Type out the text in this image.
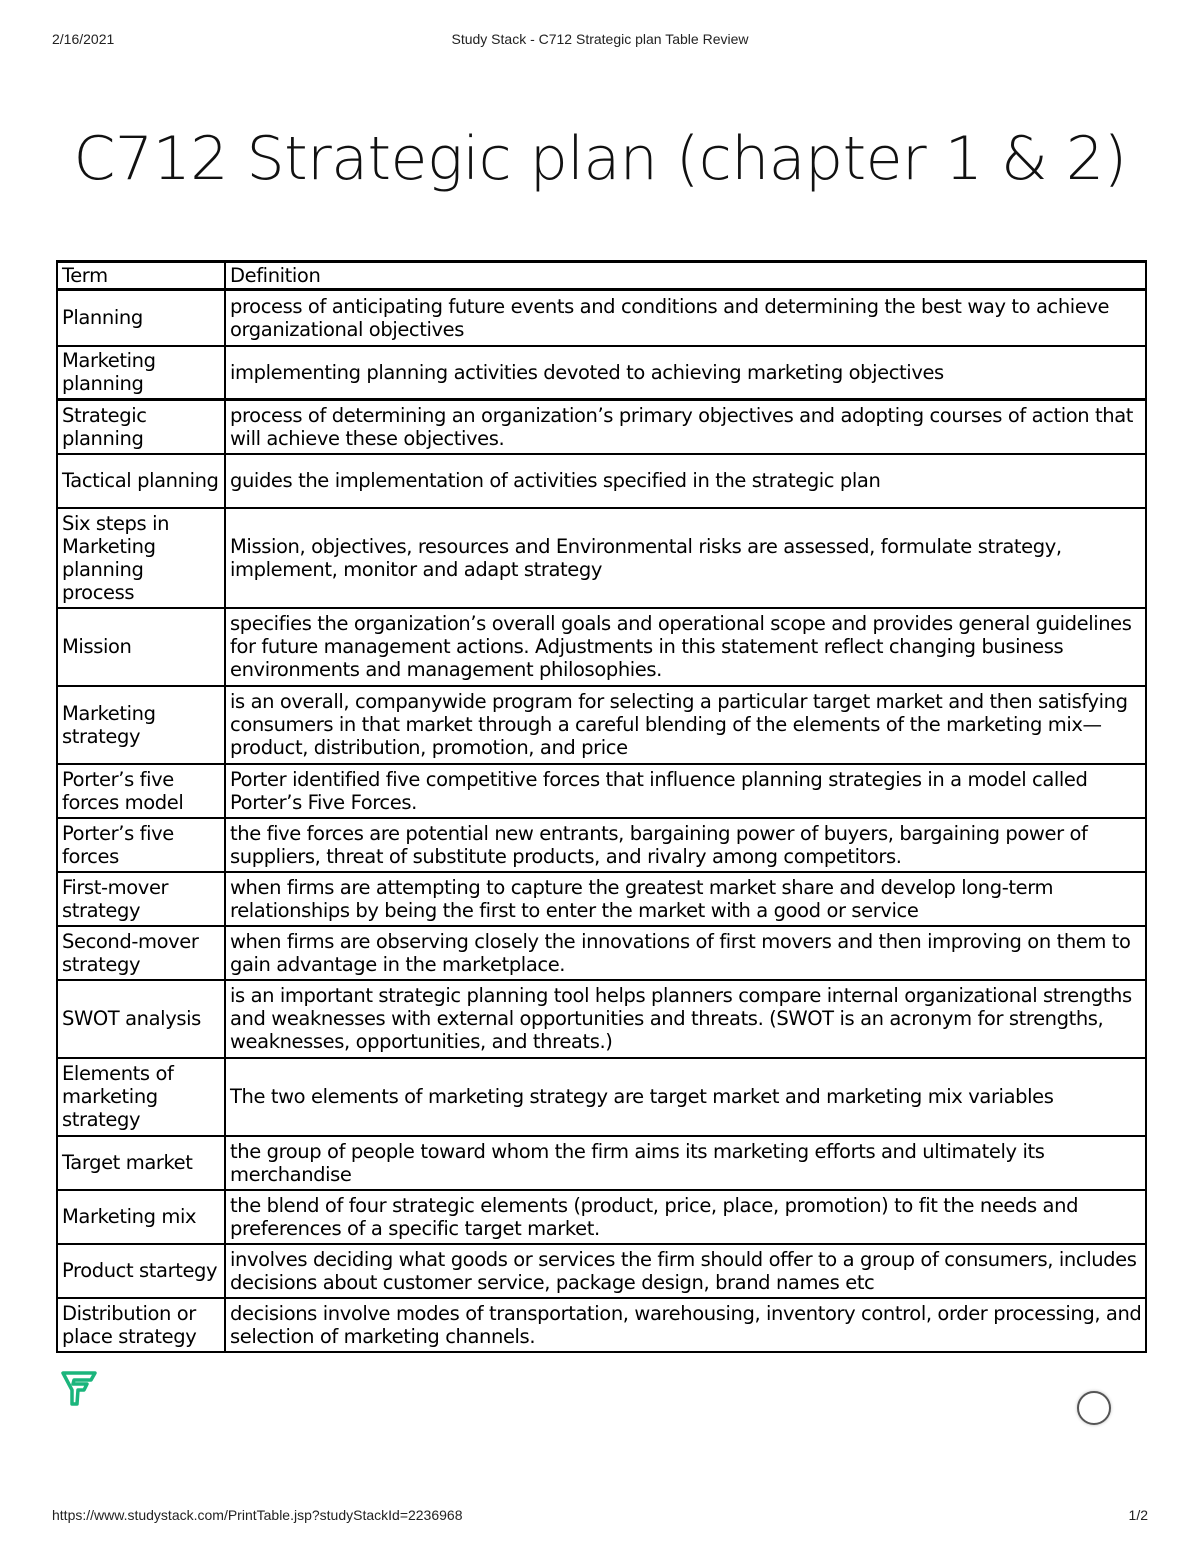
2/16/2021	Study Stack - C712 Strategic plan Table Review
C712 Strategic plan (chapter 1 & 2)
Term	Definition
Planning	process of anticipating future events and conditions and determining the best way to achieve organizational objectives
Marketing planning	implementing planning activities devoted to achieving marketing objectives
Strategic planning	process of determining an organization’s primary objectives and adopting courses of action that will achieve these objectives.
Tactical planning	guides the implementation of activities specified in the strategic plan
Six steps in Marketing planning process	Mission, objectives, resources and Environmental risks are assessed, formulate strategy, implement, monitor and adapt strategy
Mission	specifies the organization’s overall goals and operational scope and provides general guidelines for future management actions. Adjustments in this statement reflect changing business environments and management philosophies.
Marketing strategy	is an overall, companywide program for selecting a particular target market and then satisfying consumers in that market through a careful blending of the elements of the marketing mix—product, distribution, promotion, and price
Porter’s five forces model	Porter identified five competitive forces that influence planning strategies in a model called Porter’s Five Forces.
Porter’s five forces	the five forces are potential new entrants, bargaining power of buyers, bargaining power of suppliers, threat of substitute products, and rivalry among competitors.
First-mover strategy	when firms are attempting to capture the greatest market share and develop long-term relationships by being the first to enter the market with a good or service
Second-mover strategy	when firms are observing closely the innovations of first movers and then improving on them to gain advantage in the marketplace.
SWOT analysis	is an important strategic planning tool helps planners compare internal organizational strengths and weaknesses with external opportunities and threats. (SWOT is an acronym for strengths, weaknesses, opportunities, and threats.)
Elements of marketing strategy	The two elements of marketing strategy are target market and marketing mix variables
Target market	the group of people toward whom the firm aims its marketing efforts and ultimately its merchandise
Marketing mix	the blend of four strategic elements (product, price, place, promotion) to fit the needs and preferences of a specific target market.
Product startegy	involves deciding what goods or services the firm should offer to a group of consumers, includes decisions about customer service, package design, brand names etc
Distribution or place strategy	decisions involve modes of transportation, warehousing, inventory control, order processing, and selection of marketing channels.
https://www.studystack.com/PrintTable.jsp?studyStackId=2236968	1/2
